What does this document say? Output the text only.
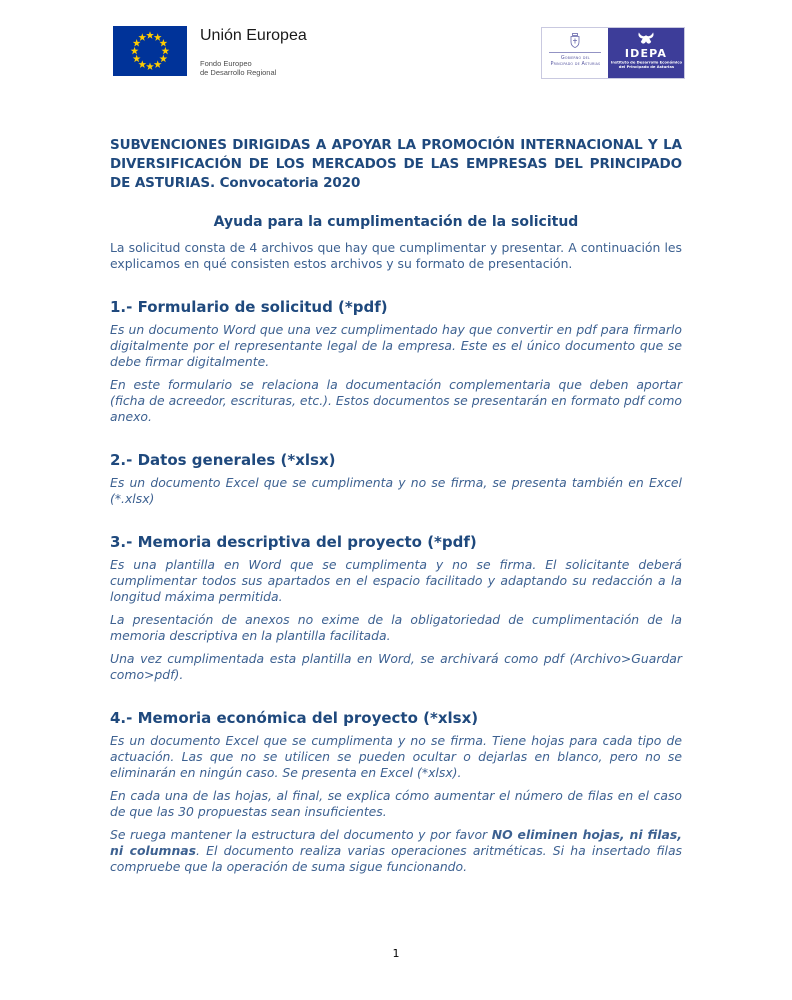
Unión Europea
Fondo Europeo
de Desarrollo Regional
Gobierno del
Principado de Asturias
IDEPA
Instituto de Desarrollo Económico
del Principado de Asturias
SUBVENCIONES DIRIGIDAS A APOYAR LA PROMOCIÓN INTERNACIONAL Y LA DIVERSIFICACIÓN DE LOS MERCADOS DE LAS EMPRESAS DEL PRINCIPADO DE ASTURIAS. Convocatoria 2020
Ayuda para la cumplimentación de la solicitud

La solicitud consta de 4 archivos que hay que cumplimentar y presentar. A continuación les explicamos en qué consisten estos archivos y su formato de presentación.

1.- Formulario de solicitud (*pdf)

Es un documento Word que una vez cumplimentado hay que convertir en pdf para firmarlo digitalmente por el representante legal de la empresa. Este es el único documento que se debe firmar digitalmente.

En este formulario se relaciona la documentación complementaria que deben aportar (ficha de acreedor, escrituras, etc.). Estos documentos se presentarán en formato pdf como anexo.

2.- Datos generales (*xlsx)

Es un documento Excel que se cumplimenta y no se firma, se presenta también en Excel (*.xlsx)

3.- Memoria descriptiva del proyecto (*pdf)

Es una plantilla en Word que se cumplimenta y no se firma. El solicitante deberá cumplimentar todos sus apartados en el espacio facilitado y adaptando su redacción a la longitud máxima permitida.

La presentación de anexos no exime de la obligatoriedad de cumplimentación de la memoria descriptiva en la plantilla facilitada.

Una vez cumplimentada esta plantilla en Word, se archivará como pdf (Archivo>Guardar como>pdf).

4.- Memoria económica del proyecto (*xlsx)

Es un documento Excel que se cumplimenta y no se firma. Tiene hojas para cada tipo de actuación. Las que no se utilicen se pueden ocultar o dejarlas en blanco, pero no se eliminarán en ningún caso. Se presenta en Excel (*xlsx).

En cada una de las hojas, al final, se explica cómo aumentar el número de filas en el caso de que las 30 propuestas sean insuficientes.

Se ruega mantener la estructura del documento y por favor NO eliminen hojas, ni filas, ni columnas. El documento realiza varias operaciones aritméticas. Si ha insertado filas compruebe que la operación de suma sigue funcionando.

1
